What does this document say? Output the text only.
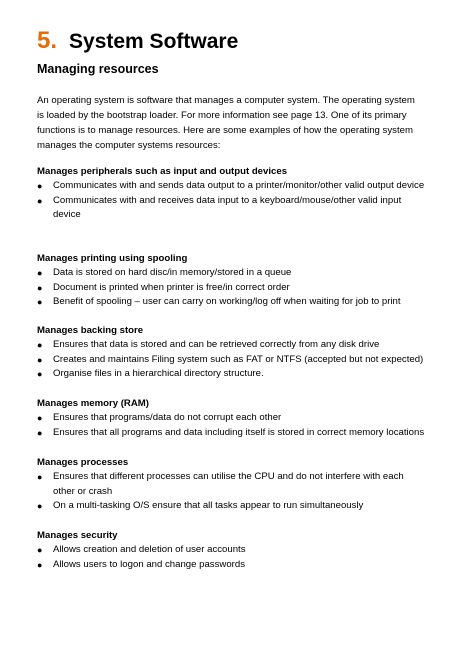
5. System Software
Managing resources

An operating system is software that manages a computer system. The operating system is loaded by the bootstrap loader. For more information see page 13. One of its primary functions is to manage resources. Here are some examples of how the operating system manages the computer systems resources:

Manages peripherals such as input and output devices
● Communicates with and sends data output to a printer/monitor/other valid output device
● Communicates with and receives data input to a keyboard/mouse/other valid input device
Manages printing using spooling
● Data is stored on hard disc/in memory/stored in a queue
● Document is printed when printer is free/in correct order
● Benefit of spooling – user can carry on working/log off when waiting for job to print
Manages backing store
● Ensures that data is stored and can be retrieved correctly from any disk drive
● Creates and maintains Filing system such as FAT or NTFS (accepted but not expected)
● Organise files in a hierarchical directory structure.
Manages memory (RAM)
● Ensures that programs/data do not corrupt each other
● Ensures that all programs and data including itself is stored in correct memory locations
Manages processes
● Ensures that different processes can utilise the CPU and do not interfere with each other or crash
● On a multi-tasking O/S ensure that all tasks appear to run simultaneously
Manages security
● Allows creation and deletion of user accounts
● Allows users to logon and change passwords
